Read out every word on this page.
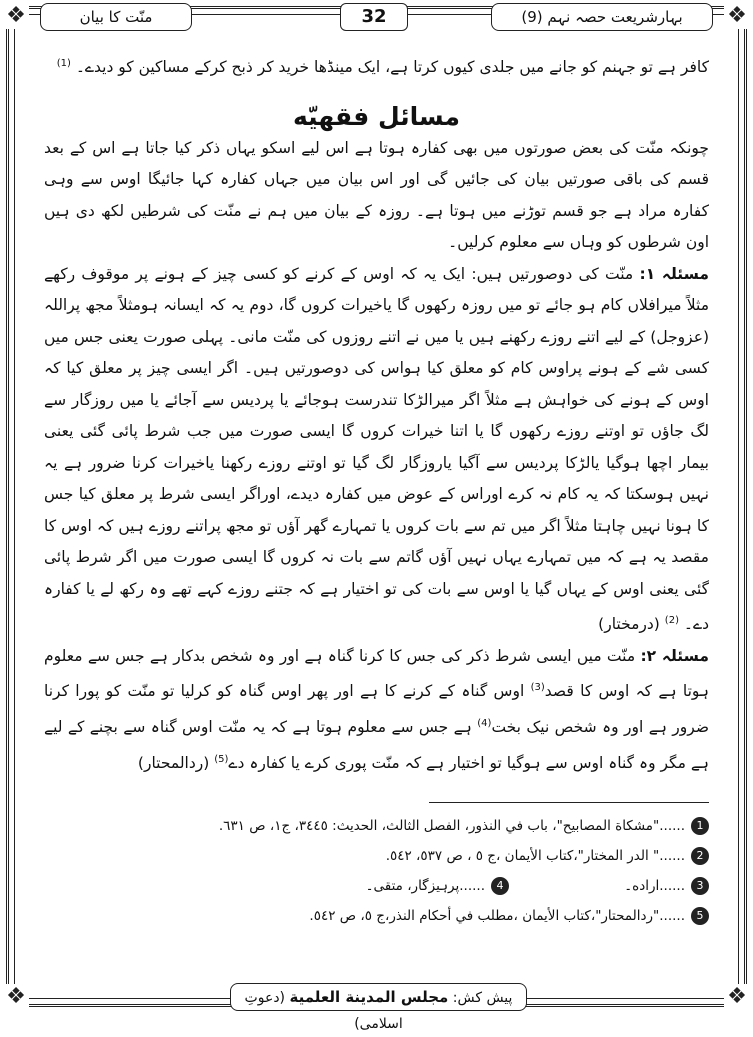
❖	❖
❖	❖
بہارشریعت حصہ نہم (9)
32
منّت کا بیان

کافر ہے تو جہنم کو جانے میں جلدی کیوں کرتا ہے، ایک مینڈھا خرید کر ذبح کرکے مساکین کو دیدے۔ $^{(1)}$

مسائل فقهيّه

چونکہ منّت کی بعض صورتوں میں بھی کفارہ ہوتا ہے اس لیے اسکو یہاں ذکر کیا جاتا ہے اس کے بعد قسم کی باقی صورتیں بیان کی جائیں گی اور اس بیان میں جہاں کفارہ کہا جائیگا اوس سے وہی کفارہ مراد ہے جو قسم توڑنے میں ہوتا ہے۔ روزہ کے بیان میں ہم نے منّت کی شرطیں لکھ دی ہیں اون شرطوں کو وہاں سے معلوم کرلیں۔

مسئلہ ۱: منّت کی دوصورتیں ہیں: ایک یہ کہ اوس کے کرنے کو کسی چیز کے ہونے پر موقوف رکھے مثلاً میرافلاں کام ہو جائے تو میں روزہ رکھوں گا یاخیرات کروں گا، دوم یہ کہ ایسانہ ہومثلاً مجھ پراللہ (عزوجل) کے لیے اتنے روزے رکھنے ہیں یا میں نے اتنے روزوں کی منّت مانی۔ پہلی صورت یعنی جس میں کسی شے کے ہونے پراوس کام کو معلق کیا ہواس کی دوصورتیں ہیں۔ اگر ایسی چیز پر معلق کیا کہ اوس کے ہونے کی خواہش ہے مثلاً اگر میرالڑکا تندرست ہوجائے یا پردیس سے آجائے یا میں روزگار سے لگ جاؤں تو اوتنے روزے رکھوں گا یا اتنا خیرات کروں گا ایسی صورت میں جب شرط پائی گئی یعنی بیمار اچھا ہوگیا یالڑکا پردیس سے آگیا یاروزگار لگ گیا تو اوتنے روزے رکھنا یاخیرات کرنا ضرور ہے یہ نہیں ہوسکتا کہ یہ کام نہ کرے اوراس کے عوض میں کفارہ دیدے، اوراگر ایسی شرط پر معلق کیا جس کا ہونا نہیں چاہتا مثلاً اگر میں تم سے بات کروں یا تمہارے گھر آؤں تو مجھ پراتنے روزے ہیں کہ اوس کا مقصد یہ ہے کہ میں تمہارے یہاں نہیں آؤں گاتم سے بات نہ کروں گا ایسی صورت میں اگر شرط پائی گئی یعنی اوس کے یہاں گیا یا اوس سے بات کی تو اختیار ہے کہ جتنے روزے کہے تھے وہ رکھ لے یا کفارہ دے۔ $^{(2)}$ (درمختار)

مسئلہ ۲: منّت میں ایسی شرط ذکر کی جس کا کرنا گناہ ہے اور وہ شخص بدکار ہے جس سے معلوم ہوتا ہے کہ اوس کا قصد$^{(3)}$ اوس گناہ کے کرنے کا ہے اور پھر اوس گناہ کو کرلیا تو منّت کو پورا کرنا ضرور ہے اور وہ شخص نیک بخت$^{(4)}$ ہے جس سے معلوم ہوتا ہے کہ یہ منّت اوس گناہ سے بچنے کے لیے ہے مگر وہ گناہ اوس سے ہوگیا تو اختیار ہے کہ منّت پوری کرے یا کفارہ دے$^{(5)}$ (ردالمحتار)

1......"مشكاة المصابيح"، باب في النذور، الفصل الثالث، الحديث: ٣٤٤٥، ج١، ص ٦٣١.
2......" الدر المختار"،كتاب الأيمان ،ج ٥ ، ص ٥٣٧، ٥٤٢.
3......اراده۔
4......پرہیزگار، متقی۔
5......"ردالمحتار"،كتاب الأيمان ،مطلب في أحكام النذر،ج ٥، ص ٥٤٢.
پیش کش: مجلس المدينة العلمية (دعوتِ اسلامی)
